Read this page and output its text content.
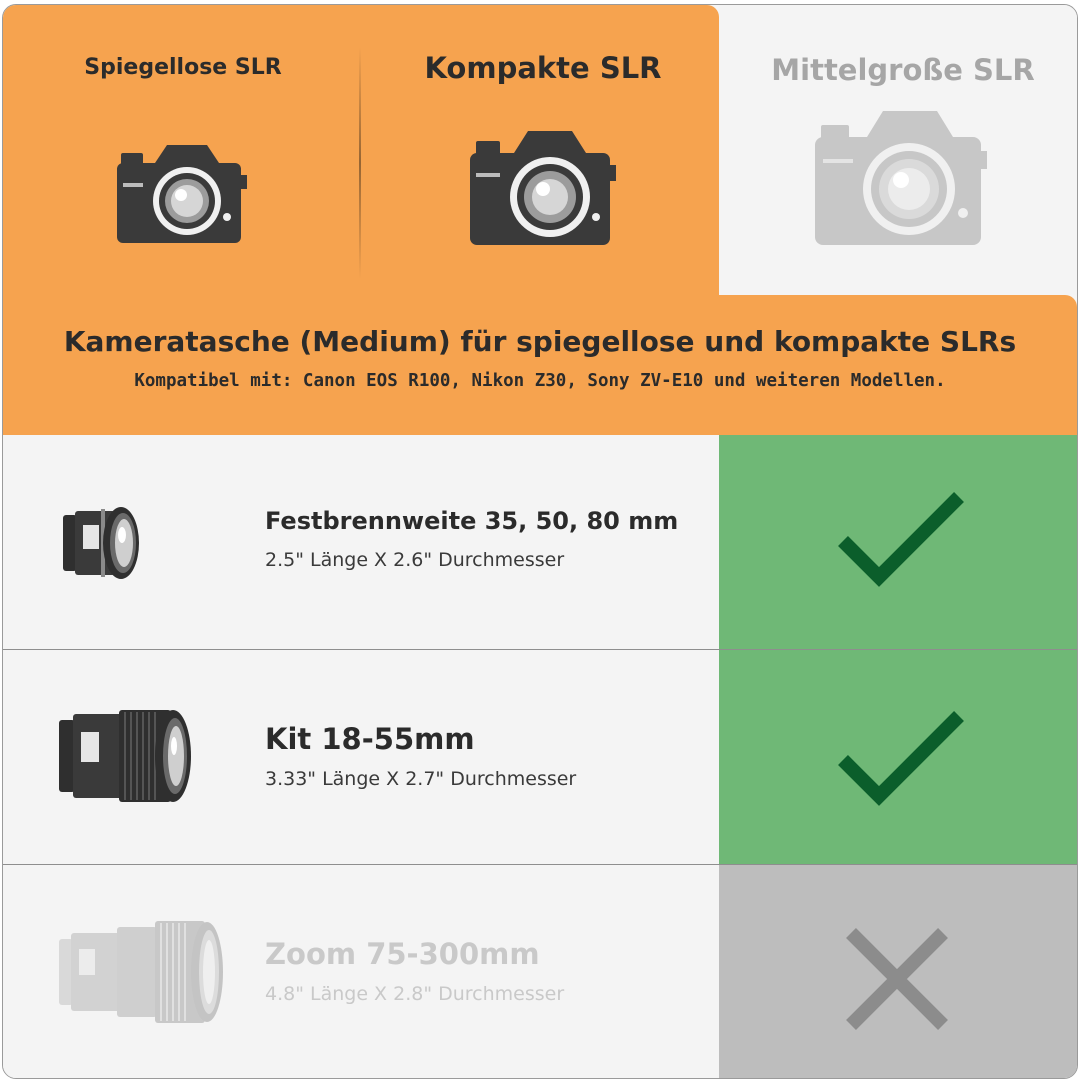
Spiegellose SLR	Kompakte SLR	Mittelgroße SLR
Kameratasche (Medium) für spiegellose und kompakte SLRs
Kompatibel mit: Canon EOS R100, Nikon Z30, Sony ZV-E10 und weiteren Modellen.
Festbrennweite 35, 50, 80 mm
2.5" Länge X 2.6" Durchmesser
Kit 18-55mm
3.33" Länge X 2.7" Durchmesser
Zoom 75-300mm
4.8" Länge X 2.8" Durchmesser
